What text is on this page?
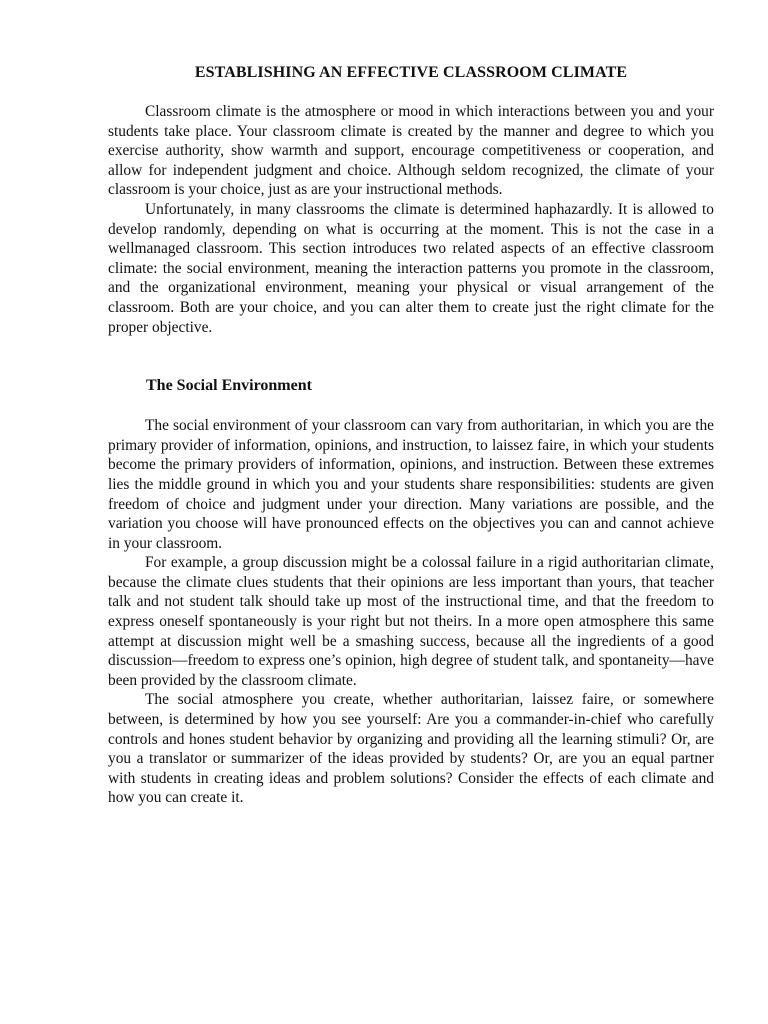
ESTABLISHING AN EFFECTIVE CLASSROOM CLIMATE

Classroom climate is the atmosphere or mood in which interactions between you and your students take place. Your classroom climate is created by the manner and degree to which you exercise authority, show warmth and support, encourage competitiveness or cooperation, and allow for independent judgment and choice. Although seldom recognized, the climate of your classroom is your choice, just as are your instructional methods.

Unfortunately, in many classrooms the climate is determined haphazardly. It is allowed to develop randomly, depending on what is occurring at the moment. This is not the case in a wellmanaged classroom. This section introduces two related aspects of an effective classroom climate: the social environment, meaning the interaction patterns you promote in the classroom, and the organizational environment, meaning your physical or visual arrangement of the classroom. Both are your choice, and you can alter them to create just the right climate for the proper objective.

The Social Environment

The social environment of your classroom can vary from authoritarian, in which you are the primary provider of information, opinions, and instruction, to laissez faire, in which your students become the primary providers of information, opinions, and instruction. Between these extremes lies the middle ground in which you and your students share responsibilities: students are given freedom of choice and judgment under your direction. Many variations are possible, and the variation you choose will have pronounced effects on the objectives you can and cannot achieve in your classroom.

For example, a group discussion might be a colossal failure in a rigid authoritarian climate, because the climate clues students that their opinions are less important than yours, that teacher talk and not student talk should take up most of the instructional time, and that the freedom to express oneself spontaneously is your right but not theirs. In a more open atmosphere this same attempt at discussion might well be a smashing success, because all the ingredients of a good discussion—freedom to express one’s opinion, high degree of student talk, and spontaneity—have been provided by the classroom climate.

The social atmosphere you create, whether authoritarian, laissez faire, or somewhere between, is determined by how you see yourself: Are you a commander-in-chief who carefully controls and hones student behavior by organizing and providing all the learning stimuli? Or, are you a translator or summarizer of the ideas provided by students? Or, are you an equal partner with students in creating ideas and problem solutions? Consider the effects of each climate and how you can create it.
